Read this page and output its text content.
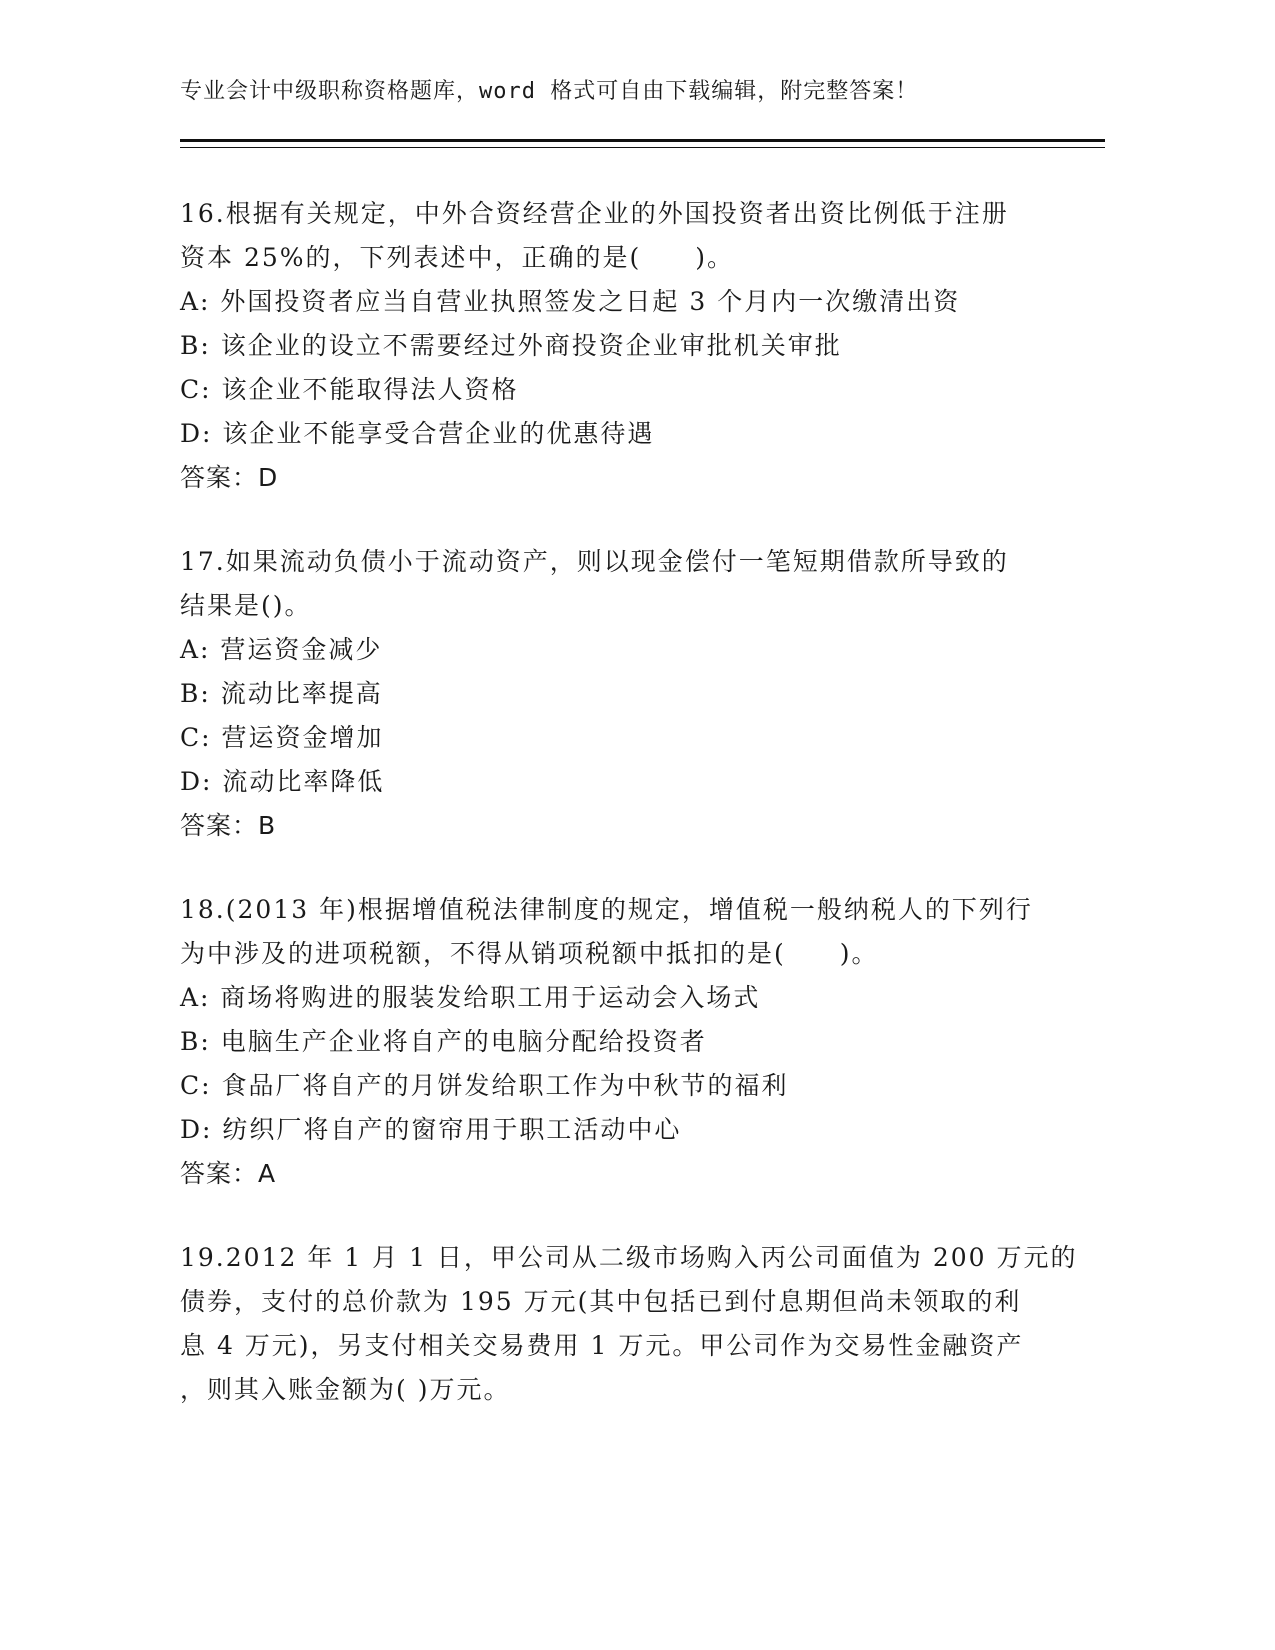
专业会计中级职称资格题库，word 格式可自由下载编辑，附完整答案！

16.根据有关规定，中外合资经营企业的外国投资者出资比例低于注册

资本 25%的，下列表述中，正确的是(　　)。

A: 外国投资者应当自营业执照签发之日起 3 个月内一次缴清出资

B: 该企业的设立不需要经过外商投资企业审批机关审批

C: 该企业不能取得法人资格

D: 该企业不能享受合营企业的优惠待遇

答案：D

17.如果流动负债小于流动资产，则以现金偿付一笔短期借款所导致的

结果是()。

A: 营运资金减少

B: 流动比率提高

C: 营运资金增加

D: 流动比率降低

答案：B

18.(2013 年)根据增值税法律制度的规定，增值税一般纳税人的下列行

为中涉及的进项税额，不得从销项税额中抵扣的是(　　)。

A: 商场将购进的服装发给职工用于运动会入场式

B: 电脑生产企业将自产的电脑分配给投资者

C: 食品厂将自产的月饼发给职工作为中秋节的福利

D: 纺织厂将自产的窗帘用于职工活动中心

答案：A

19.2012 年 1 月 1 日，甲公司从二级市场购入丙公司面值为 200 万元的

债券，支付的总价款为 195 万元(其中包括已到付息期但尚未领取的利

息 4 万元)，另支付相关交易费用 1 万元。甲公司作为交易性金融资产

，则其入账金额为( )万元。
